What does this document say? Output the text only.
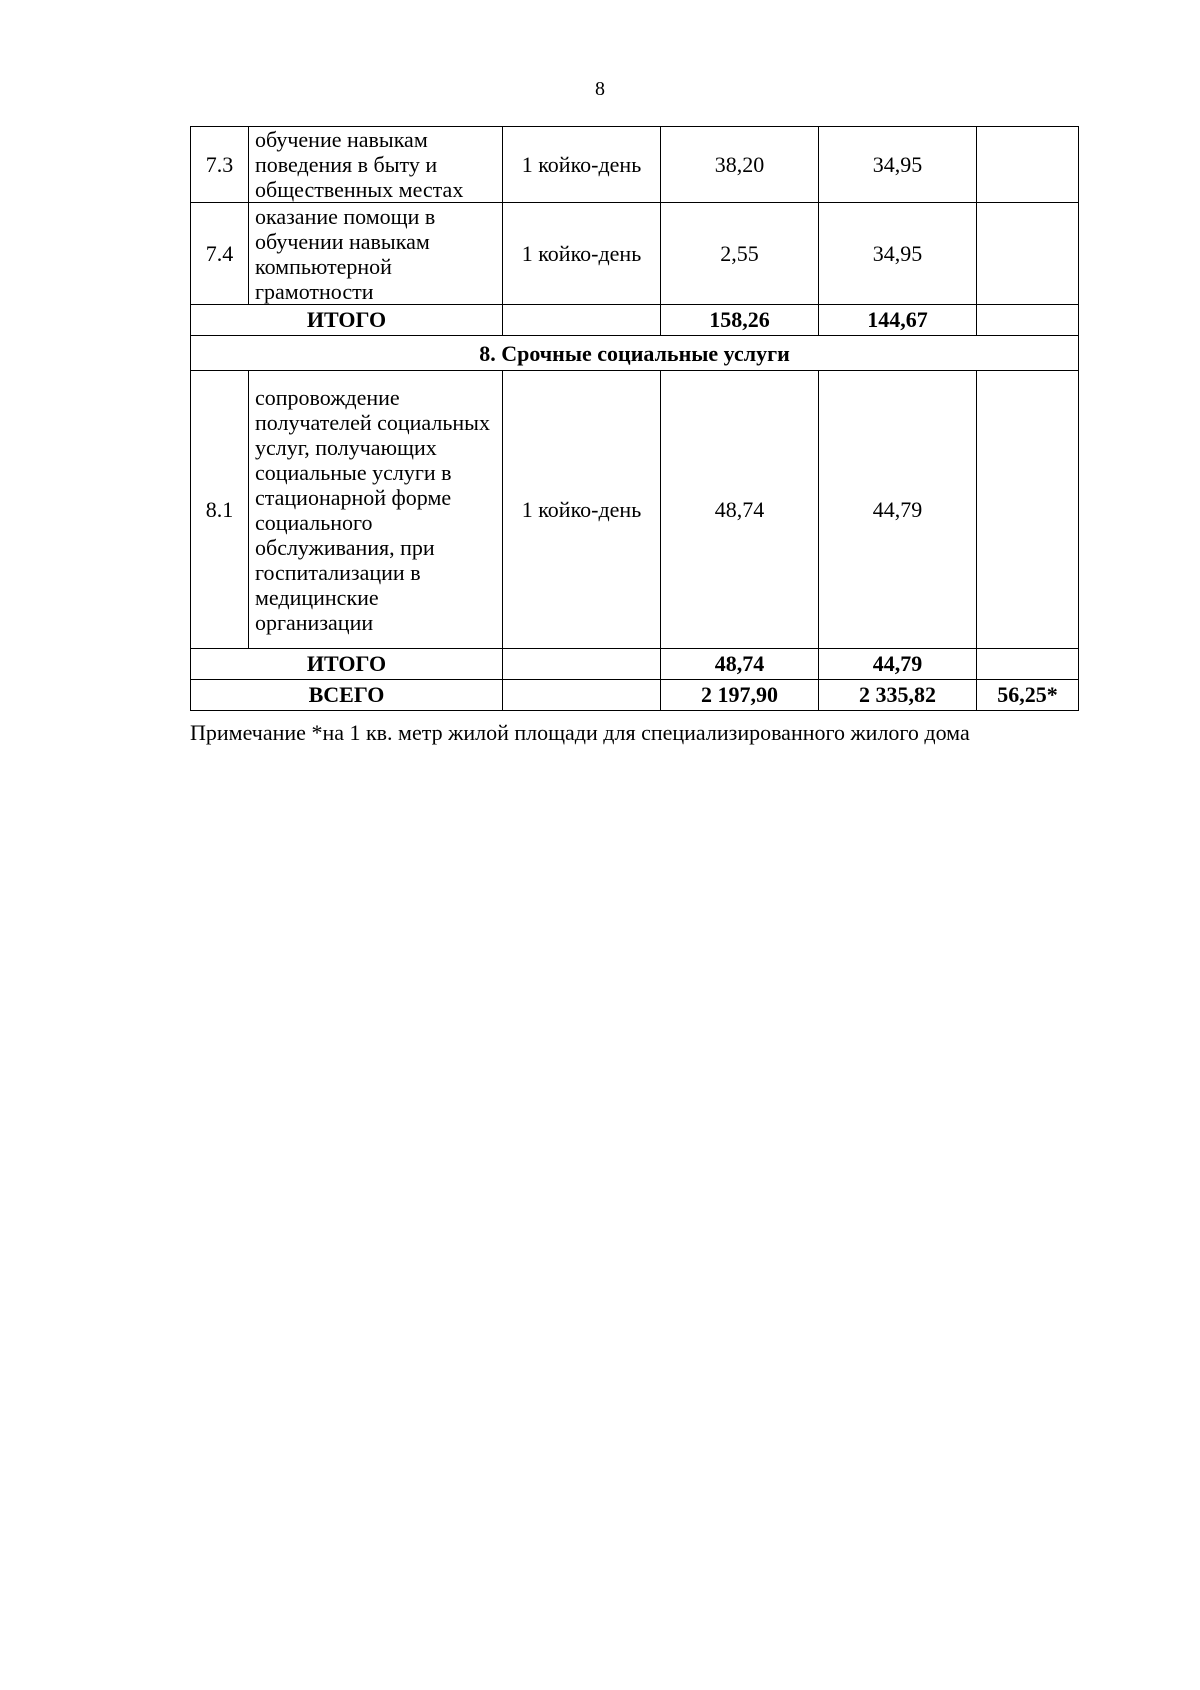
8
7.3	обучение навыкам поведения в быту и общественных местах	1 койко-день	38,20	34,95	
7.4	оказание помощи в обучении навыкам компьютерной грамотности	1 койко-день	2,55	34,95	
ИТОГО			158,26	144,67	
8. Срочные социальные услуги					
8.1	сопровождение получателей социальных услуг, получающих социальные услуги в стационарной форме социального обслуживания, при госпитализации в медицинские организации	1 койко-день	48,74	44,79	
ИТОГО			48,74	44,79	
ВСЕГО			2 197,90	2 335,82	56,25*
Примечание *на 1 кв. метр жилой площади для специализированного жилого дома
